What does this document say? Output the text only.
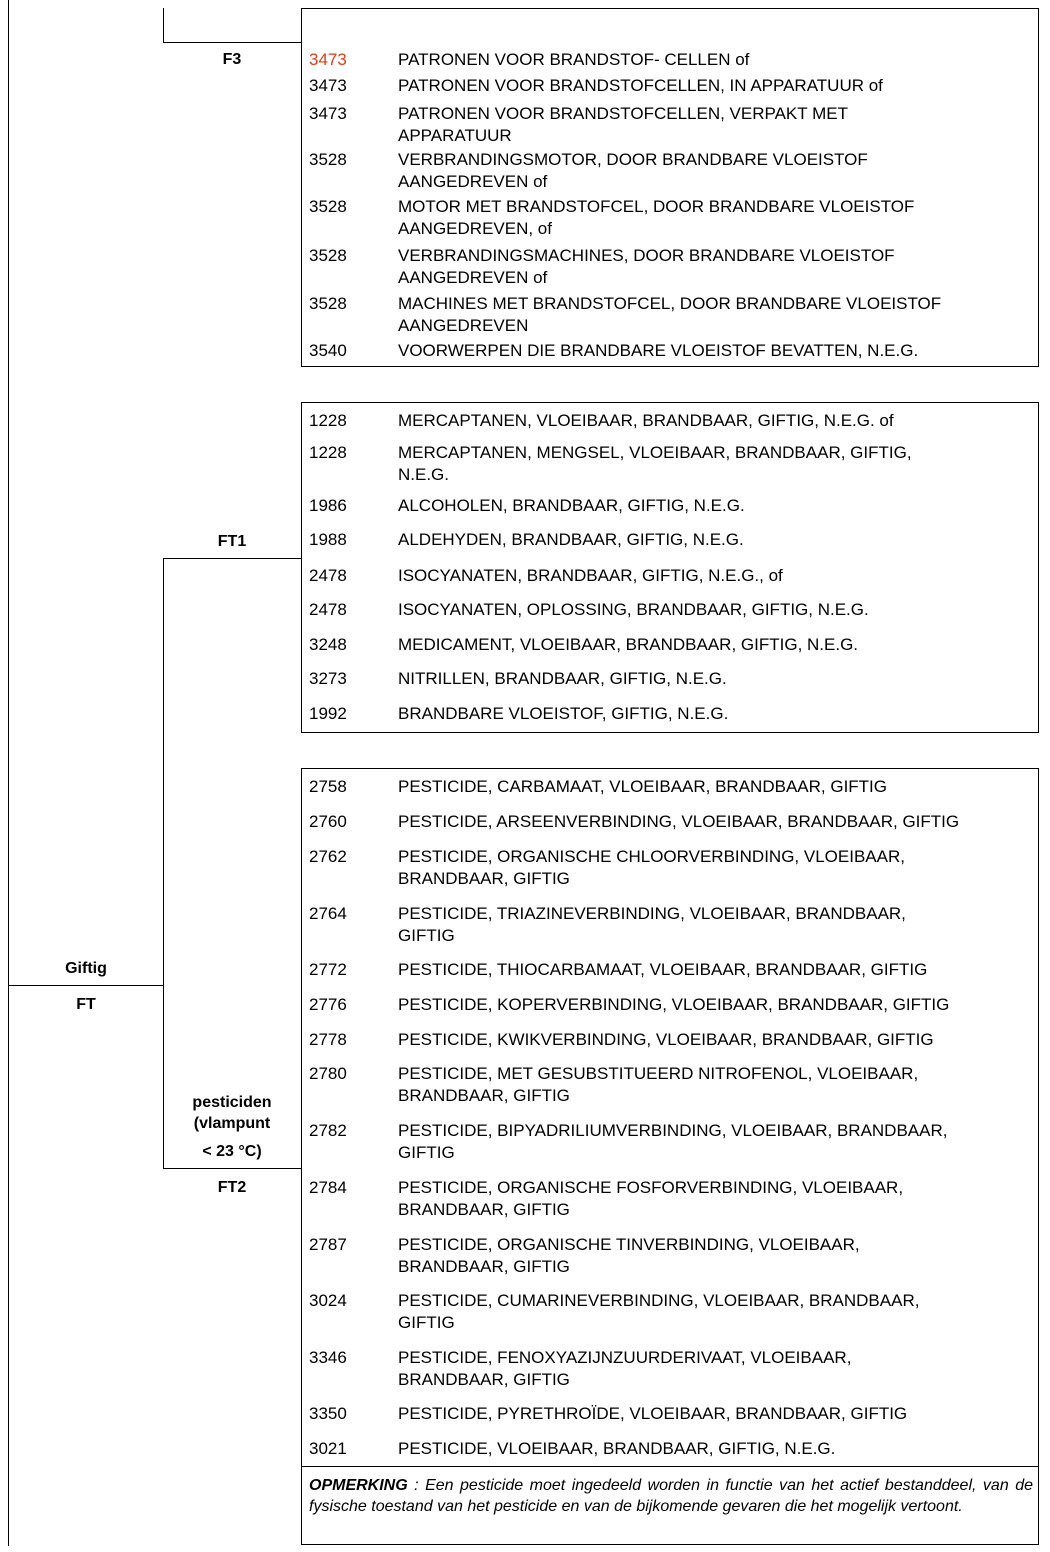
F3
FT1
Giftig
FT
pesticiden
(vlampunt
< 23 °C)
FT2
3473	PATRONEN VOOR BRANDSTOF- CELLEN of
3473	PATRONEN VOOR BRANDSTOFCELLEN, IN APPARATUUR of
3473	PATRONEN VOOR BRANDSTOFCELLEN, VERPAKT MET
APPARATUUR
3528	VERBRANDINGSMOTOR, DOOR BRANDBARE VLOEISTOF
AANGEDREVEN of
3528	MOTOR MET BRANDSTOFCEL, DOOR BRANDBARE VLOEISTOF
AANGEDREVEN, of
3528	VERBRANDINGSMACHINES, DOOR BRANDBARE VLOEISTOF
AANGEDREVEN of
3528	MACHINES MET BRANDSTOFCEL, DOOR BRANDBARE VLOEISTOF
AANGEDREVEN
3540	VOORWERPEN DIE BRANDBARE VLOEISTOF BEVATTEN, N.E.G.
1228	MERCAPTANEN, VLOEIBAAR, BRANDBAAR, GIFTIG, N.E.G. of
1228	MERCAPTANEN, MENGSEL, VLOEIBAAR, BRANDBAAR, GIFTIG,
N.E.G.
1986	ALCOHOLEN, BRANDBAAR, GIFTIG, N.E.G.
1988	ALDEHYDEN, BRANDBAAR, GIFTIG, N.E.G.
2478	ISOCYANATEN, BRANDBAAR, GIFTIG, N.E.G., of
2478	ISOCYANATEN, OPLOSSING, BRANDBAAR, GIFTIG, N.E.G.
3248	MEDICAMENT, VLOEIBAAR, BRANDBAAR, GIFTIG, N.E.G.
3273	NITRILLEN, BRANDBAAR, GIFTIG, N.E.G.
1992	BRANDBARE VLOEISTOF, GIFTIG, N.E.G.
2758	PESTICIDE, CARBAMAAT, VLOEIBAAR, BRANDBAAR, GIFTIG
2760	PESTICIDE, ARSEENVERBINDING, VLOEIBAAR, BRANDBAAR, GIFTIG
2762	PESTICIDE, ORGANISCHE CHLOORVERBINDING, VLOEIBAAR,
BRANDBAAR, GIFTIG
2764	PESTICIDE, TRIAZINEVERBINDING, VLOEIBAAR, BRANDBAAR,
GIFTIG
2772	PESTICIDE, THIOCARBAMAAT, VLOEIBAAR, BRANDBAAR, GIFTIG
2776	PESTICIDE, KOPERVERBINDING, VLOEIBAAR, BRANDBAAR, GIFTIG
2778	PESTICIDE, KWIKVERBINDING, VLOEIBAAR, BRANDBAAR, GIFTIG
2780	PESTICIDE, MET GESUBSTITUEERD NITROFENOL, VLOEIBAAR,
BRANDBAAR, GIFTIG
2782	PESTICIDE, BIPYADRILIUMVERBINDING, VLOEIBAAR, BRANDBAAR,
GIFTIG
2784	PESTICIDE, ORGANISCHE FOSFORVERBINDING, VLOEIBAAR,
BRANDBAAR, GIFTIG
2787	PESTICIDE, ORGANISCHE TINVERBINDING, VLOEIBAAR,
BRANDBAAR, GIFTIG
3024	PESTICIDE, CUMARINEVERBINDING, VLOEIBAAR, BRANDBAAR,
GIFTIG
3346	PESTICIDE, FENOXYAZIJNZUURDERIVAAT, VLOEIBAAR,
BRANDBAAR, GIFTIG
3350	PESTICIDE, PYRETHROÏDE, VLOEIBAAR, BRANDBAAR, GIFTIG
3021	PESTICIDE, VLOEIBAAR, BRANDBAAR, GIFTIG, N.E.G.
OPMERKING : Een pesticide moet ingedeeld worden in functie van het actief bestanddeel, van de fysische toestand van het pesticide en van de bijkomende gevaren die het mogelijk vertoont.
